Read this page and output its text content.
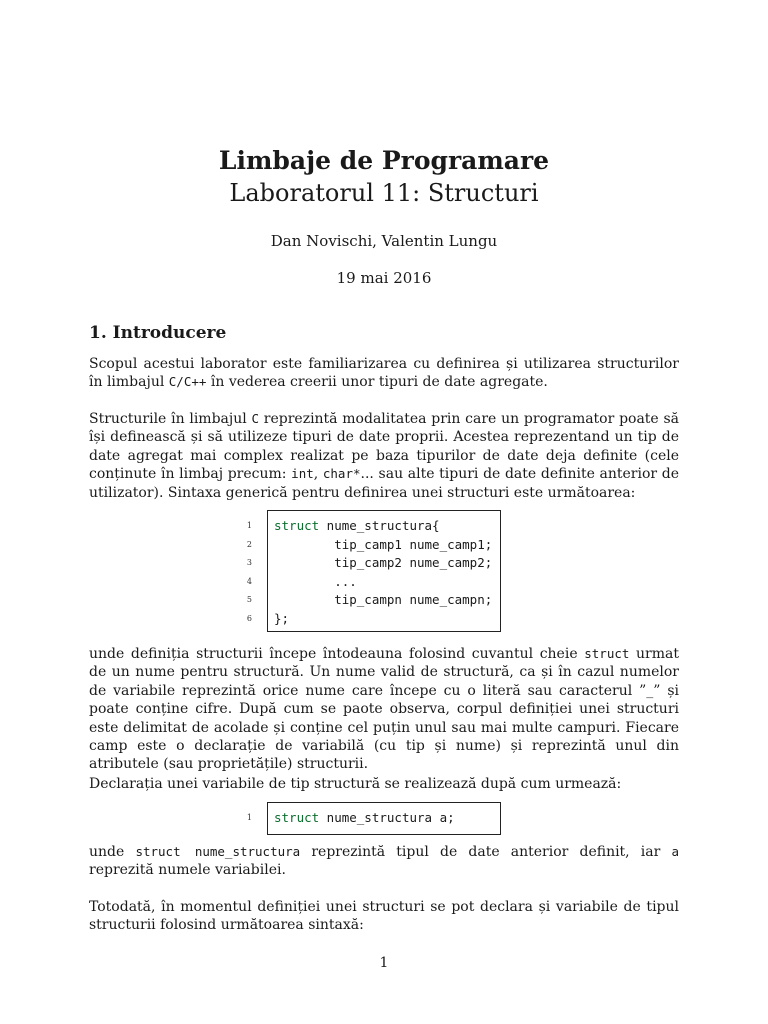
Limbaje de Programare
Laboratorul 11: Structuri
Dan Novischi, Valentin Lungu
19 mai 2016
1. Introducere

Scopul acestui laborator este familiarizarea cu definirea și utilizarea structurilor în limbajul C/C++ în vederea creerii unor tipuri de date agregate.

Structurile în limbajul C reprezintă modalitatea prin care un programator poate să își definească și să utilizeze tipuri de date proprii. Acestea reprezentand un tip de date agregat mai complex realizat pe baza tipurilor de date deja definite (cele conținute în limbaj precum: int, char*... sau alte tipuri de date definite anterior de utilizator). Sintaxa generică pentru definirea unei structuri este următoarea:

1 struct nume_structura{
2 tip_camp1 nume_camp1;
3 tip_camp2 nume_camp2;
4 ...
5 tip_campn nume_campn;
6 };

unde definiția structurii începe întodeauna folosind cuvantul cheie struct urmat de un nume pentru structură. Un nume valid de structură, ca și în cazul numelor de variabile reprezintă orice nume care începe cu o literă sau caracterul ”_” și poate conține cifre. După cum se paote observa, corpul definiției unei structuri este delimitat de acolade și conține cel puțin unul sau mai multe campuri. Fiecare camp este o declarație de variabilă (cu tip și nume) și reprezintă unul din atributele (sau proprietățile) structurii.

Declarația unei variabile de tip structură se realizează după cum urmează:

1 struct nume_structura a;

unde struct nume_structura reprezintă tipul de date anterior definit, iar a reprezită numele variabilei.

Totodată, în momentul definiției unei structuri se pot declara și variabile de tipul structurii folosind următoarea sintaxă:

1
